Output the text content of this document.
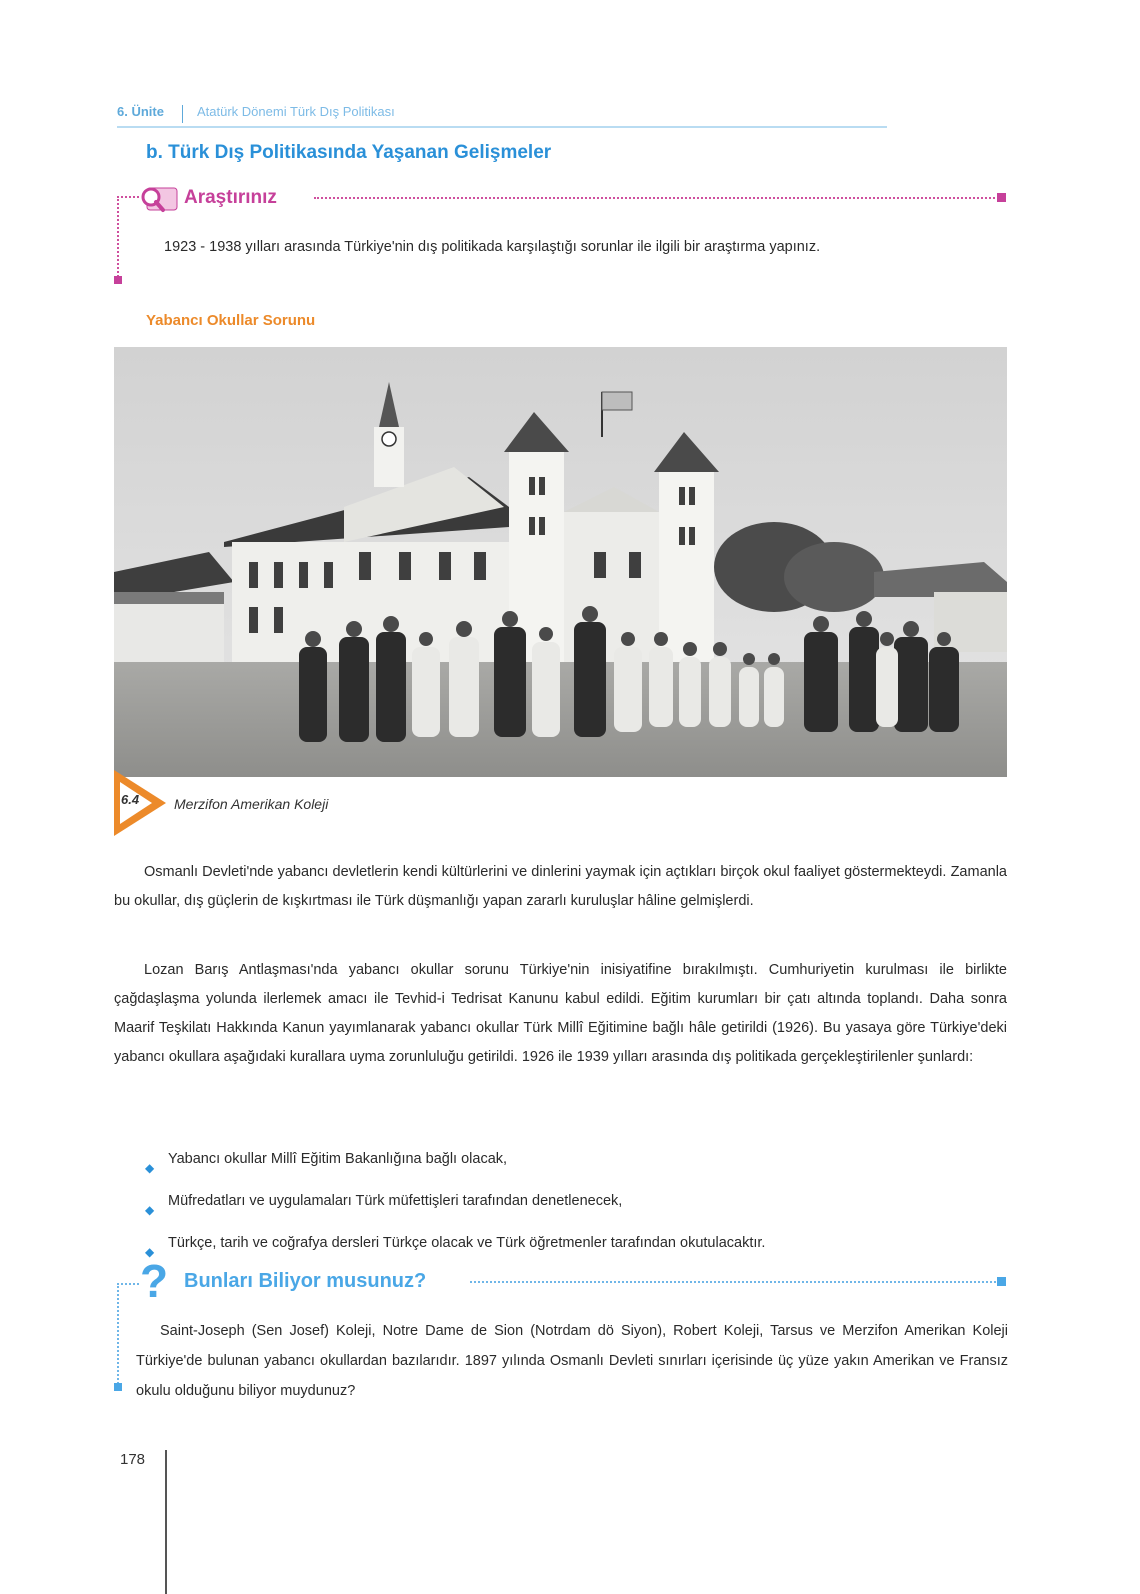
6. Ünite	Atatürk Dönemi Türk Dış Politikası
b. Türk Dış Politikasında Yaşanan Gelişmeler
Araştırınız
1923 - 1938 yılları arasında Türkiye'nin dış politikada karşılaştığı sorunlar ile ilgili bir araştırma yapınız.
Yabancı Okullar Sorunu
6.4 Merzifon Amerikan Koleji
Osmanlı Devleti'nde yabancı devletlerin kendi kültürlerini ve dinlerini yaymak için açtıkları birçok okul faaliyet göstermekteydi. Zamanla bu okullar, dış güçlerin de kışkırtması ile Türk düşmanlığı yapan zararlı kuruluşlar hâline gelmişlerdi.
Lozan Barış Antlaşması'nda yabancı okullar sorunu Türkiye'nin inisiyatifine bırakılmıştı. Cumhuriyetin kurulması ile birlikte çağdaşlaşma yolunda ilerlemek amacı ile Tevhid-i Tedrisat Kanunu kabul edildi. Eğitim kurumları bir çatı altında toplandı. Daha sonra Maarif Teşkilatı Hakkında Kanun yayımlanarak yabancı okullar Türk Millî Eğitimine bağlı hâle getirildi (1926). Bu yasaya göre Türkiye'deki yabancı okullara aşağıdaki kurallara uyma zorunluluğu getirildi. 1926 ile 1939 yılları arasında dış politikada gerçekleştirilenler şunlardı:
◆
Yabancı okullar Millî Eğitim Bakanlığına bağlı olacak,
◆
Müfredatları ve uygulamaları Türk müfettişleri tarafından denetlenecek,
◆
Türkçe, tarih ve coğrafya dersleri Türkçe olacak ve Türk öğretmenler tarafından okutulacaktır.
? Bunları Biliyor musunuz?
Saint-Joseph (Sen Josef) Koleji, Notre Dame de Sion (Notrdam dö Siyon), Robert Koleji, Tarsus ve Merzifon Amerikan Koleji Türkiye'de bulunan yabancı okullardan bazılarıdır. 1897 yılında Osmanlı Devleti sınırları içerisinde üç yüze yakın Amerikan ve Fransız okulu olduğunu biliyor muydunuz?
178
